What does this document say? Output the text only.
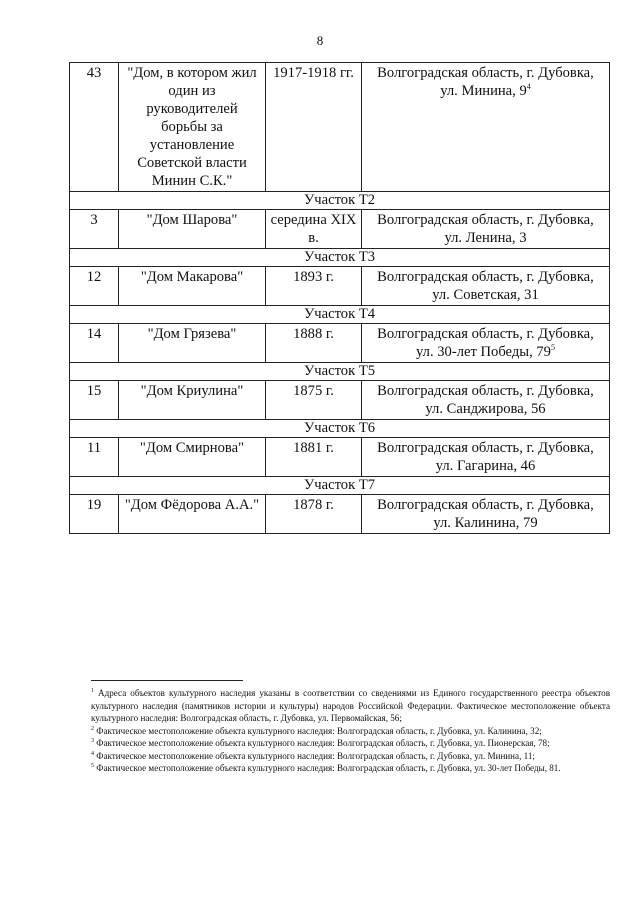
8
43	"Дом, в котором жил один из руководителей борьбы за установление Советской власти Минин С.К."	1917-1918 гг.	Волгоградская область, г. Дубовка,
ул. Минина, $9^4$
Участок Т2			
3	"Дом Шарова"	середина XIX в.	Волгоградская область, г. Дубовка,
ул. Ленина, 3
Участок Т3			
12	"Дом Макарова"	1893 г.	Волгоградская область, г. Дубовка,
ул. Советская, 31
Участок Т4			
14	"Дом Грязева"	1888 г.	Волгоградская область, г. Дубовка,
ул. 30-лет Победы, $79^5$
Участок Т5			
15	"Дом Криулина"	1875 г.	Волгоградская область, г. Дубовка,
ул. Санджирова, 56
Участок Т6			
11	"Дом Смирнова"	1881 г.	Волгоградская область, г. Дубовка,
ул. Гагарина, 46
Участок Т7			
19	"Дом Фёдорова А.А."	1878 г.	Волгоградская область, г. Дубовка,
ул. Калинина, 79
$^1$ Адреса объектов культурного наследия указаны в соответствии со сведениями из Единого государственного реестра объектов культурного наследия (памятников истории и культуры) народов Российской Федерации. Фактическое местоположение объекта культурного наследия: Волгоградская область, г. Дубовка, ул. Первомайская, 56;
$^2$ Фактическое местоположение объекта культурного наследия: Волгоградская область, г. Дубовка, ул. Калинина, 32;
$^3$ Фактическое местоположение объекта культурного наследия: Волгоградская область, г. Дубовка, ул. Пионерская, 78;
$^4$ Фактическое местоположение объекта культурного наследия: Волгоградская область, г. Дубовка, ул. Минина, 11;
$^5$ Фактическое местоположение объекта культурного наследия: Волгоградская область, г. Дубовка, ул. 30-лет Победы, 81.
